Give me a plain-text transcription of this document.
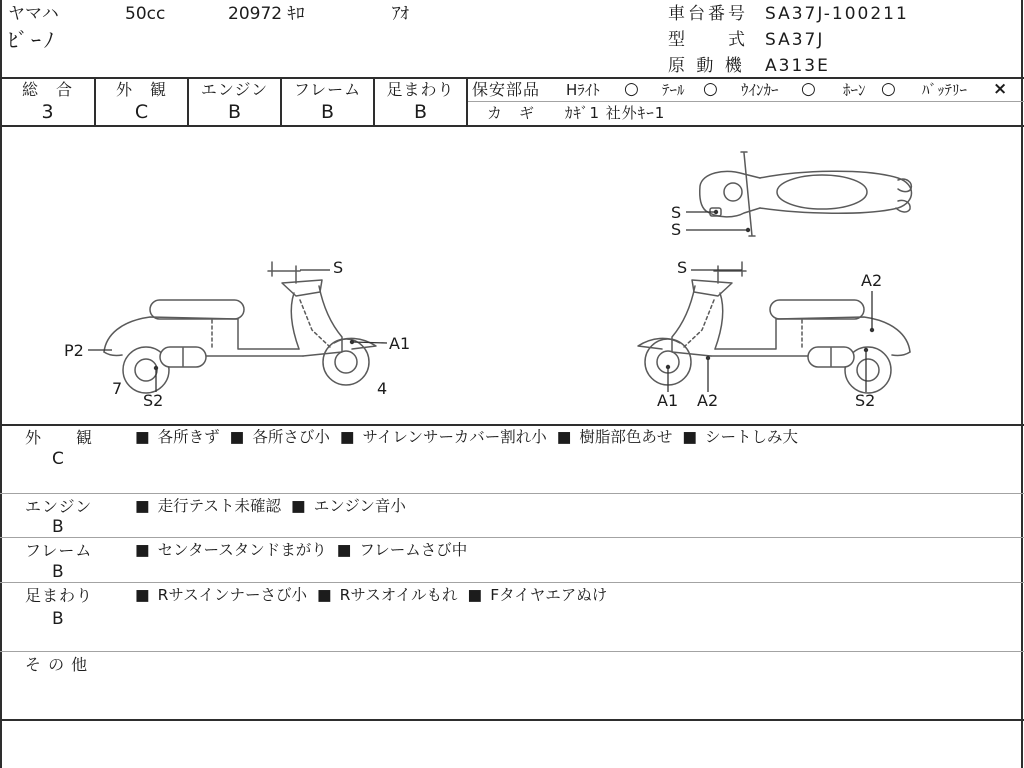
ヤマハ	50cc	20972 ｷﾛ	ｱｵ
ﾋﾞｰﾉ
車台番号 SA37J-100211
型　　式 SA37J
原 動 機 A313E
総　合
3
外　観
C
エンジン
B
フレーム
B
足まわり
B
保安部品 Hﾗｲﾄ ○ ﾃｰﾙ ○ ｳｲﾝｶｰ ○ ﾎｰﾝ ○ ﾊﾞｯﾃﾘｰ ×
カ　ギ ｶｷﾞ1 社外ｷｰ1
S
P2	A1
7
S2
4
S
A2
A1 A2	S2
S
S
外　　観
C
■ 各所きず ■ 各所さび小 ■ サイレンサーカバー割れ小 ■ 樹脂部色あせ ■ シートしみ大
エンジン
B
■ 走行テスト未確認 ■ エンジン音小
フレーム
B
■ センタースタンドまがり ■ フレームさび中
足まわり
B
■ Rサスインナーさび小 ■ Rサスオイルもれ ■ Fタイヤエアぬけ
そ の 他
